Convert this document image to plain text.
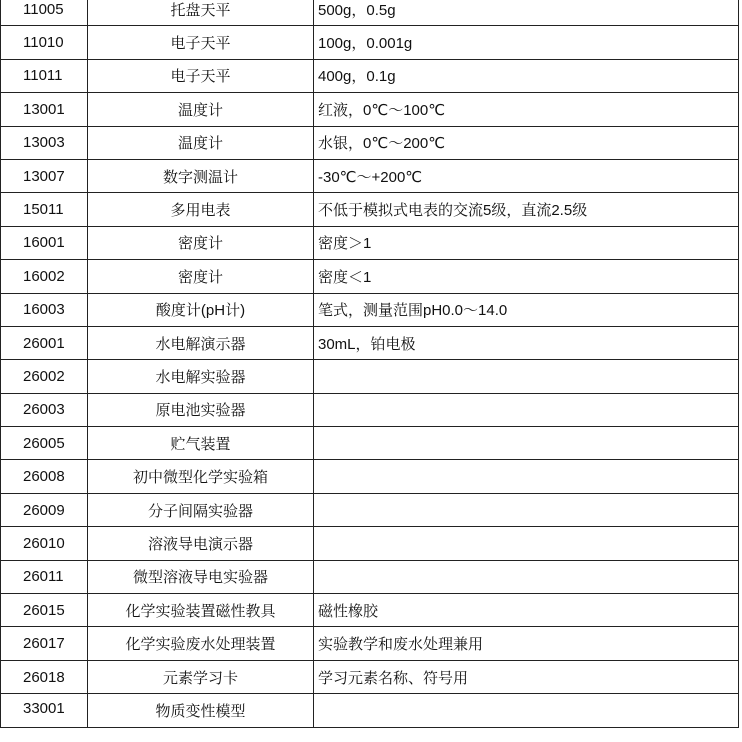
11005	托盘天平	500g，0.5g
11010	电子天平	100g，0.001g
11011	电子天平	400g，0.1g
13001	温度计	红液，0℃～100℃
13003	温度计	水银，0℃～200℃
13007	数字测温计	-30℃～+200℃
15011	多用电表	不低于模拟式电表的交流5级，直流2.5级
16001	密度计	密度＞1
16002	密度计	密度＜1
16003	酸度计(pH计)	笔式，测量范围pH0.0～14.0
26001	水电解演示器	30mL，铂电极
26002	水电解实验器	
26003	原电池实验器	
26005	贮气装置	
26008	初中微型化学实验箱	
26009	分子间隔实验器	
26010	溶液导电演示器	
26011	微型溶液导电实验器	
26015	化学实验装置磁性教具	磁性橡胶
26017	化学实验废水处理装置	实验教学和废水处理兼用
26018	元素学习卡	学习元素名称、符号用
33001	物质变性模型	
